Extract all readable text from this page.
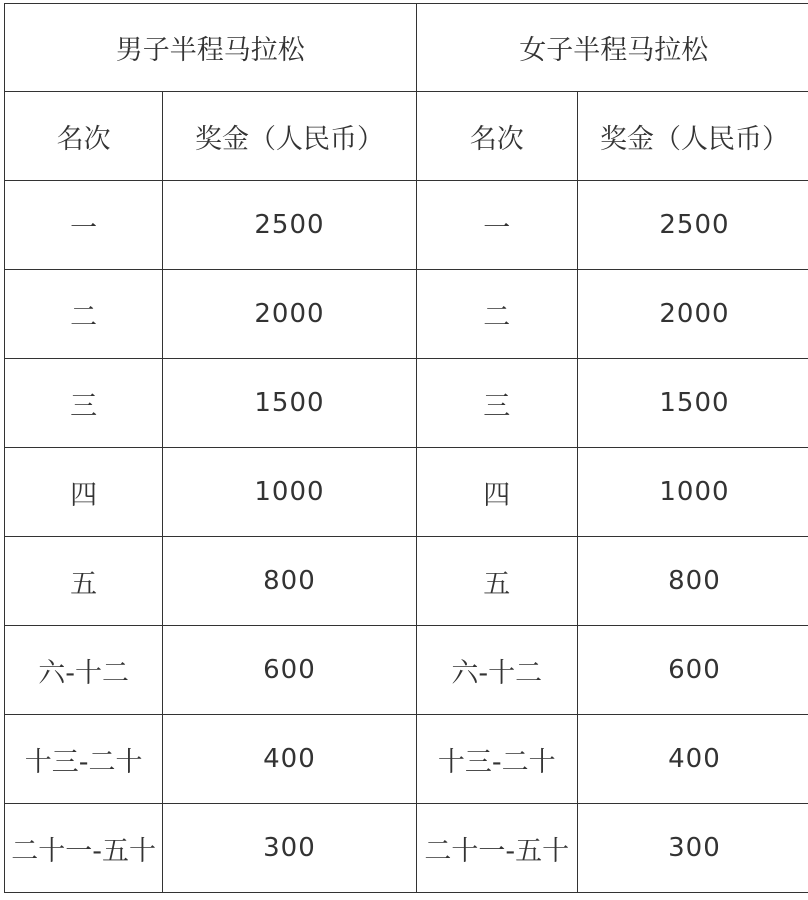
男子半程马拉松		女子半程马拉松	
名次	奖金（人民币）	名次	奖金（人民币）
一	2500	一	2500
二	2000	二	2000
三	1500	三	1500
四	1000	四	1000
五	800	五	800
六-十二	600	六-十二	600
十三-二十	400	十三-二十	400
二十一-五十	300	二十一-五十	300
